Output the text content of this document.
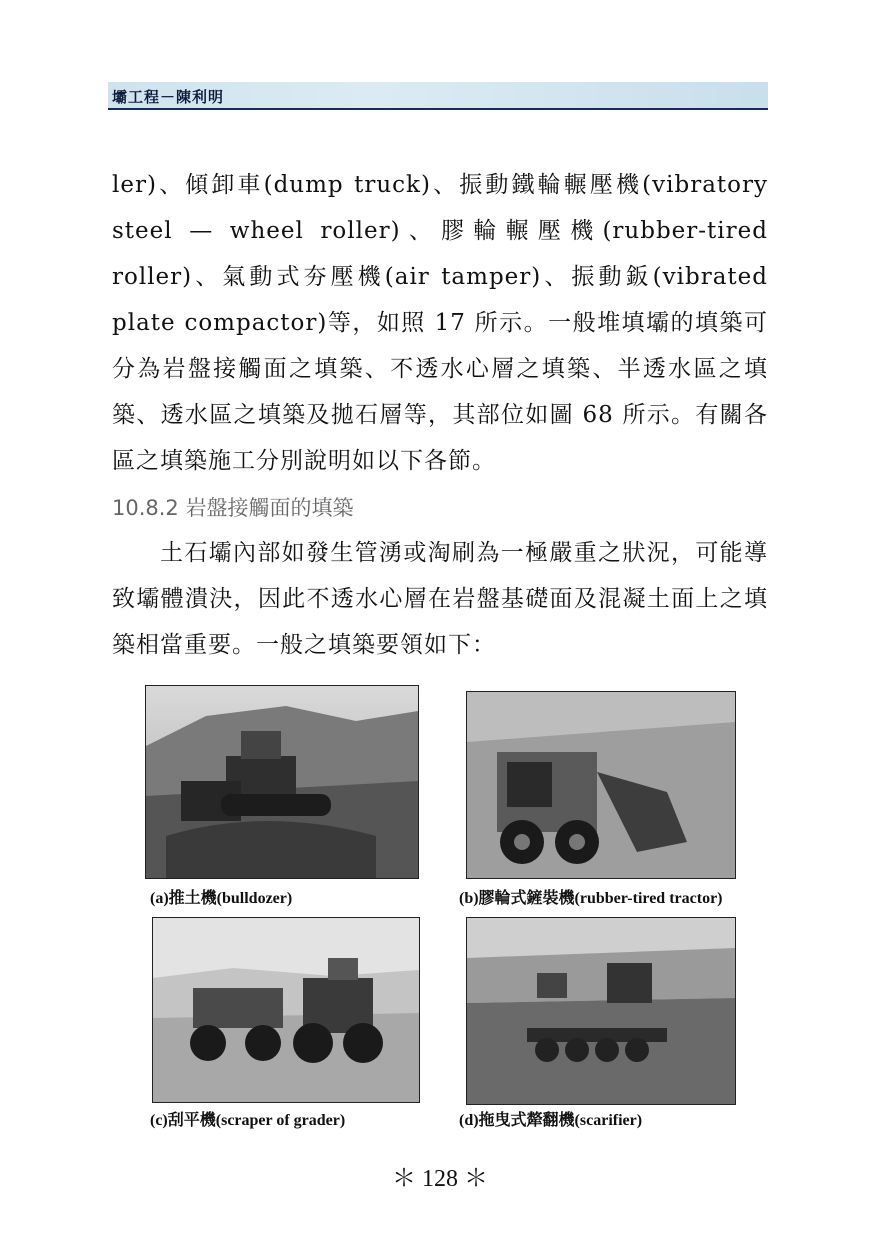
壩工程－陳利明
ler)、傾卸車(dump truck)、振動鐵輪輾壓機(vibratory steel — wheel roller)、膠輪輾壓機(rubber-tired roller)、氣動式夯壓機(air tamper)、振動鈑(vibrated plate compactor)等，如照 17 所示。一般堆填壩的填築可分為岩盤接觸面之填築、不透水心層之填築、半透水區之填築、透水區之填築及拋石層等，其部位如圖 68 所示。有關各區之填築施工分別說明如以下各節。
10.8.2 岩盤接觸面的填築
土石壩內部如發生管湧或淘刷為一極嚴重之狀況，可能導致壩體潰決，因此不透水心層在岩盤基礎面及混凝土面上之填築相當重要。一般之填築要領如下：
(a)推土機(bulldozer)	(b)膠輪式鏟裝機(rubber-tired tractor)
(c)刮平機(scraper of grader)	(d)拖曳式犛翻機(scarifier)
＊ 128 ＊
